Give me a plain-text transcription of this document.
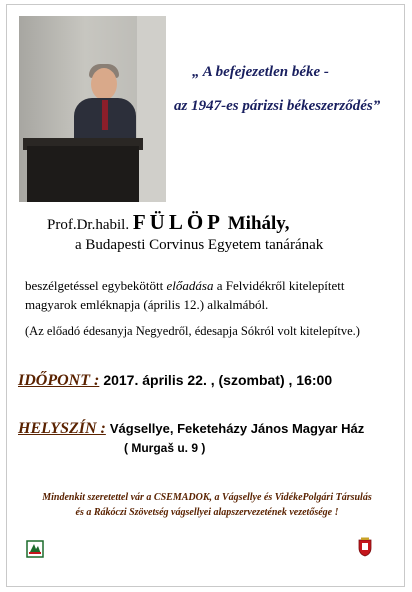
„ A befejezetlen béke -
az 1947-es párizsi békeszerződés”
Prof.Dr.habil. FÜLÖP Mihály,
a Budapesti Corvinus Egyetem tanárának
beszélgetéssel egybekötött előadása a Felvidékről kitelepített
magyarok emléknapja (április 12.) alkalmából.
(Az előadó édesanyja Negyedről, édesapja Sókról volt kitelepítve.)
IDŐPONT : 2017. április 22. , (szombat) , 16:00
HELYSZÍN : Vágsellye, Feketeházy János Magyar Ház
( Murgaš u. 9 )
Mindenkit szeretettel vár a CSEMADOK, a Vágsellye és VidékePolgári Társulás
és a Rákóczi Szövetség vágsellyei alapszervezetének vezetősége !
